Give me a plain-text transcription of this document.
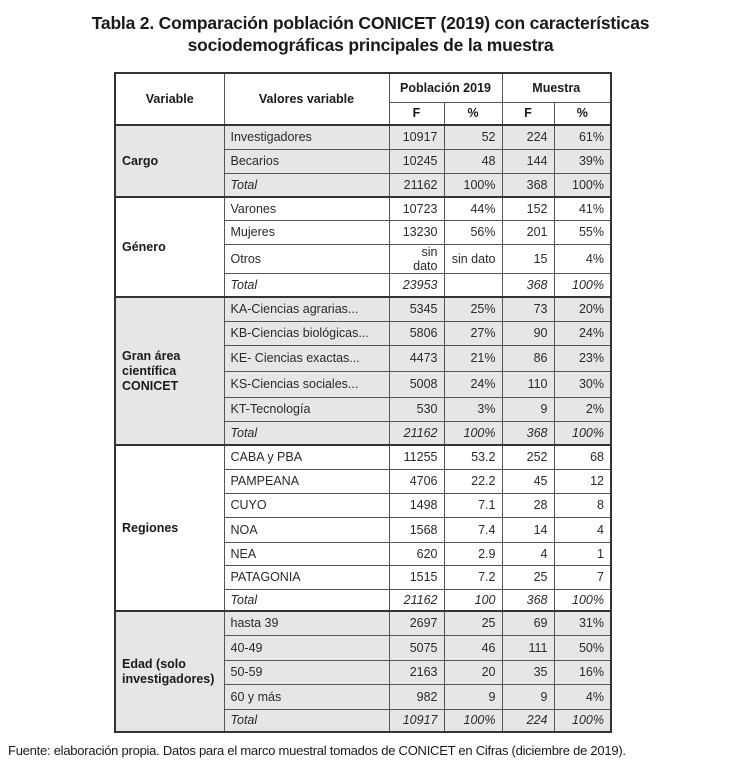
Tabla 2. Comparación población CONICET (2019) con características
sociodemográficas principales de la muestra
Variable	Valores variable	Población 2019		Muestra	
		F	%	F	%
Cargo	Investigadores	10917	52	224	61%
	Becarios	10245	48	144	39%
	Total	21162	100%	368	100%
Género	Varones	10723	44%	152	41%
	Mujeres	13230	56%	201	55%
	Otros	sin dato	sin dato	15	4%
	Total	23953		368	100%
Gran área científica CONICET	KA-Ciencias agrarias...	5345	25%	73	20%
	KB-Ciencias biológicas...	5806	27%	90	24%
	KE- Ciencias exactas...	4473	21%	86	23%
	KS-Ciencias sociales...	5008	24%	110	30%
	KT-Tecnología	530	3%	9	2%
	Total	21162	100%	368	100%
Regiones	CABA y PBA	11255	53.2	252	68
	PAMPEANA	4706	22.2	45	12
	CUYO	1498	7.1	28	8
	NOA	1568	7.4	14	4
	NEA	620	2.9	4	1
	PATAGONIA	1515	7.2	25	7
	Total	21162	100	368	100%
Edad (solo investigadores)	hasta 39	2697	25	69	31%
	40-49	5075	46	111	50%
	50-59	2163	20	35	16%
	60 y más	982	9	9	4%
	Total	10917	100%	224	100%
Fuente: elaboración propia. Datos para el marco muestral tomados de CONICET en Cifras (diciembre de 2019).
